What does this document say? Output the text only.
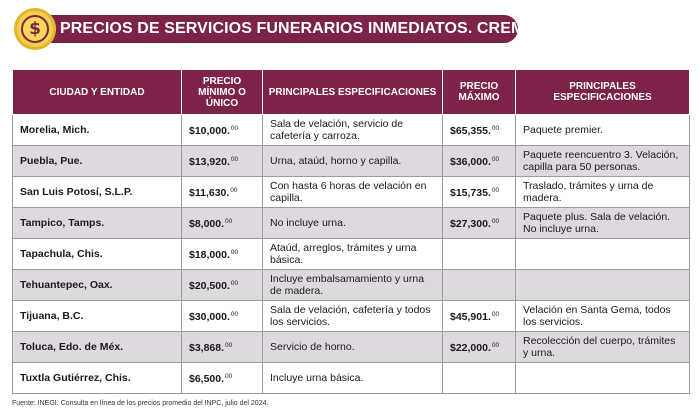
PRECIOS DE SERVICIOS FUNERARIOS INMEDIATOS. CREMACIÓN
$
CIUDAD Y ENTIDAD	PRECIO MÍNIMO O ÚNICO	PRINCIPALES ESPECIFICACIONES	PRECIO MÁXIMO	PRINCIPALES ESPECIFICACIONES
Morelia, Mich.	$10,000.00	Sala de velación, servicio de cafetería y carroza.	$65,355.00	Paquete premier.
Puebla, Pue.	$13,920.00	Urna, ataúd, horno y capilla.	$36,000.00	Paquete reencuentro 3. Velación, capilla para 50 personas.
San Luis Potosí, S.L.P.	$11,630.00	Con hasta 6 horas de velación en capilla.	$15,735.00	Traslado, trámites y urna de madera.
Tampico, Tamps.	$8,000.00	No incluye urna.	$27,300.00	Paquete plus. Sala de velación. No incluye urna.
Tapachula, Chis.	$18,000.00	Ataúd, arreglos, trámites y urna básica.		
Tehuantepec, Oax.	$20,500.00	Incluye embalsamamiento y urna de madera.		
Tijuana, B.C.	$30,000.00	Sala de velación, cafetería y todos los servicios.	$45,901.00	Velación en Santa Gema, todos los servicios.
Toluca, Edo. de Méx.	$3,868.00	Servicio de horno.	$22,000.00	Recolección del cuerpo, trámites y urna.
Tuxtla Gutiérrez, Chis.	$6,500.00	Incluye urna básica.		
Fuente: INEGI. Consulta en línea de los precios promedio del INPC, julio del 2024.
